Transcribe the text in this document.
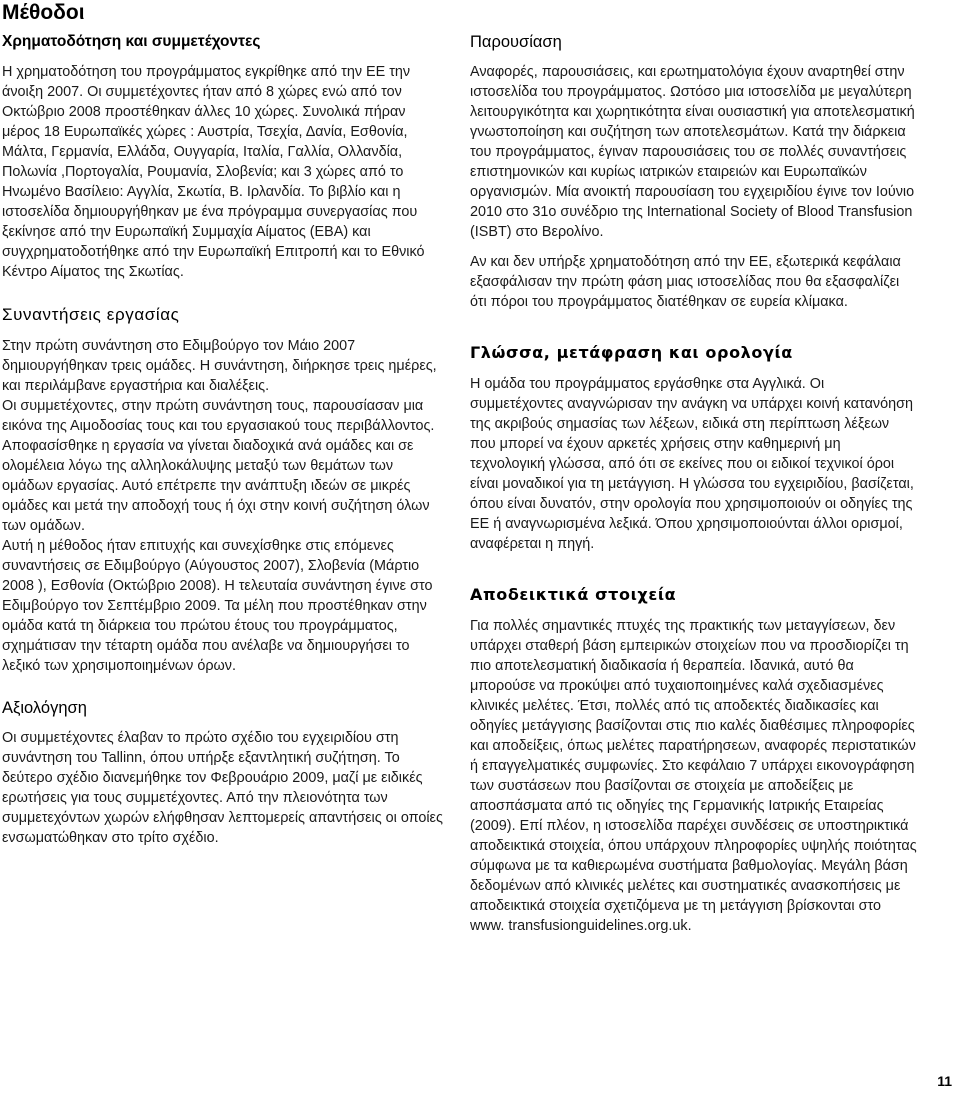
Μέθοδοι
Χρηματοδότηση και συμμετέχοντες

Η χρηματοδότηση του προγράμματος εγκρίθηκε από την ΕΕ την άνοιξη 2007. Οι συμμετέχοντες ήταν από 8 χώρες ενώ από τον Οκτώβριο 2008 προστέθηκαν άλλες 10 χώρες. Συνολικά πήραν μέρος 18 Ευρωπαϊκές χώρες : Αυστρία, Τσεχία, Δανία, Εσθονία, Μάλτα, Γερμανία, Ελλάδα, Ουγγαρία, Ιταλία, Γαλλία, Ολλανδία, Πολωνία ,Πορτογαλία, Ρουμανία, Σλοβενία; και 3 χώρες από το Ηνωμένο Βασίλειο: Αγγλία, Σκωτία, Β. Ιρλανδία. Το βιβλίο και η ιστοσελίδα δημιουργήθηκαν με ένα πρόγραμμα συνεργασίας που ξεκίνησε από την Ευρωπαϊκή Συμμαχία Αίματος (ΕΒΑ) και συγχρηματοδοτήθηκε από την Ευρωπαϊκή Επιτροπή και το Εθνικό Κέντρο Αίματος της Σκωτίας.

Συναντήσεις εργασίας

Στην πρώτη συνάντηση στο Εδιμβούργο τον Μάιο 2007 δημιουργήθηκαν τρεις ομάδες. Η συνάντηση, διήρκησε τρεις ημέρες, και περιλάμβανε εργαστήρια και διαλέξεις.

Οι συμμετέχοντες, στην πρώτη συνάντηση τους, παρουσίασαν μια εικόνα της Αιμοδοσίας τους και του εργασιακού τους περιβάλλοντος. Αποφασίσθηκε η εργασία να γίνεται διαδοχικά ανά ομάδες και σε ολομέλεια λόγω της αλληλοκάλυψης μεταξύ των θεμάτων των ομάδων εργασίας. Αυτό επέτρεπε την ανάπτυξη ιδεών σε μικρές ομάδες και μετά την αποδοχή τους ή όχι στην κοινή συζήτηση όλων των ομάδων.

Αυτή η μέθοδος ήταν επιτυχής και συνεχίσθηκε στις επόμενες συναντήσεις σε Εδιμβούργο (Αύγουστος 2007), Σλοβενία (Μάρτιο 2008 ), Εσθονία (Οκτώβριο 2008). Η τελευταία συνάντηση έγινε στο Εδιμβούργο τον Σεπτέμβριο 2009. Τα μέλη που προστέθηκαν στην ομάδα κατά τη διάρκεια του πρώτου έτους του προγράμματος, σχημάτισαν την τέταρτη ομάδα που ανέλαβε να δημιουργήσει το λεξικό των χρησιμοποιημένων όρων.

Αξιολόγηση

Οι συμμετέχοντες έλαβαν το πρώτο σχέδιο του εγχειριδίου στη συνάντηση του Tallinn, όπου υπήρξε εξαντλητική συζήτηση. Το δεύτερο σχέδιο διανεμήθηκε τον Φεβρουάριο 2009, μαζί με ειδικές ερωτήσεις για τους συμμετέχοντες. Από την πλειονότητα των συμμετεχόντων χωρών ελήφθησαν λεπτομερείς απαντήσεις οι οποίες ενσωματώθηκαν στο τρίτο σχέδιο.

Παρουσίαση

Αναφορές, παρουσιάσεις, και ερωτηματολόγια έχουν αναρτηθεί στην ιστοσελίδα του προγράμματος. Ωστόσο μια ιστοσελίδα με μεγαλύτερη λειτουργικότητα και χωρητικότητα είναι ουσιαστική για αποτελεσματική γνωστοποίηση και συζήτηση των αποτελεσμάτων. Κατά την διάρκεια του προγράμματος, έγιναν παρουσιάσεις του σε πολλές συναντήσεις επιστημονικών και κυρίως ιατρικών εταιρειών και Ευρωπαϊκών οργανισμών. Μία ανοικτή παρουσίαση του εγχειριδίου έγινε τον Ιούνιο 2010 στο 31ο συνέδριο της International Society of Blood Transfusion (ISBT) στο Βερολίνο.

Αν και δεν υπήρξε χρηματοδότηση από την ΕΕ, εξωτερικά κεφάλαια εξασφάλισαν την πρώτη φάση μιας ιστοσελίδας που θα εξασφαλίζει ότι πόροι του προγράμματος διατέθηκαν σε ευρεία κλίμακα.

Γλώσσα, μετάφραση και ορολογία

Η ομάδα του προγράμματος εργάσθηκε στα Αγγλικά. Οι συμμετέχοντες αναγνώρισαν την ανάγκη να υπάρχει κοινή κατανόηση της ακριβούς σημασίας των λέξεων, ειδικά στη περίπτωση λέξεων που μπορεί να έχουν αρκετές χρήσεις στην καθημερινή μη τεχνολογική γλώσσα, από ότι σε εκείνες που οι ειδικοί τεχνικοί όροι είναι μοναδικοί για τη μετάγγιση. Η γλώσσα του εγχειριδίου, βασίζεται, όπου είναι δυνατόν, στην ορολογία που χρησιμοποιούν οι οδηγίες της ΕΕ ή αναγνωρισμένα λεξικά. Όπου χρησιμοποιούνται άλλοι ορισμοί, αναφέρεται η πηγή.

Αποδεικτικά στοιχεία

Για πολλές σημαντικές πτυχές της πρακτικής των μεταγγίσεων, δεν υπάρχει σταθερή βάση εμπειρικών στοιχείων που να προσδιορίζει τη πιο αποτελεσματική διαδικασία ή θεραπεία. Ιδανικά, αυτό θα μπορούσε να προκύψει από τυχαιοποιημένες καλά σχεδιασμένες κλινικές μελέτες. Έτσι, πολλές από τις αποδεκτές διαδικασίες και οδηγίες μετάγγισης βασίζονται στις πιο καλές διαθέσιμες πληροφορίες και αποδείξεις, όπως μελέτες παρατήρησεων, αναφορές περιστατικών ή επαγγελματικές συμφωνίες. Στο κεφάλαιο 7 υπάρχει εικονογράφηση των συστάσεων που βασίζονται σε στοιχεία με αποδείξεις με αποσπάσματα από τις οδηγίες της Γερμανικής Ιατρικής Εταιρείας (2009). Επί πλέον, η ιστοσελίδα παρέχει συνδέσεις σε υποστηρικτικά αποδεικτικά στοιχεία, όπου υπάρχουν πληροφορίες υψηλής ποιότητας σύμφωνα με τα καθιερωμένα συστήματα βαθμολογίας. Μεγάλη βάση δεδομένων από κλινικές μελέτες και συστηματικές ανασκοπήσεις με αποδεικτικά στοιχεία σχετιζόμενα με τη μετάγγιση βρίσκονται στο www. transfusionguidelines.org.uk.

11
